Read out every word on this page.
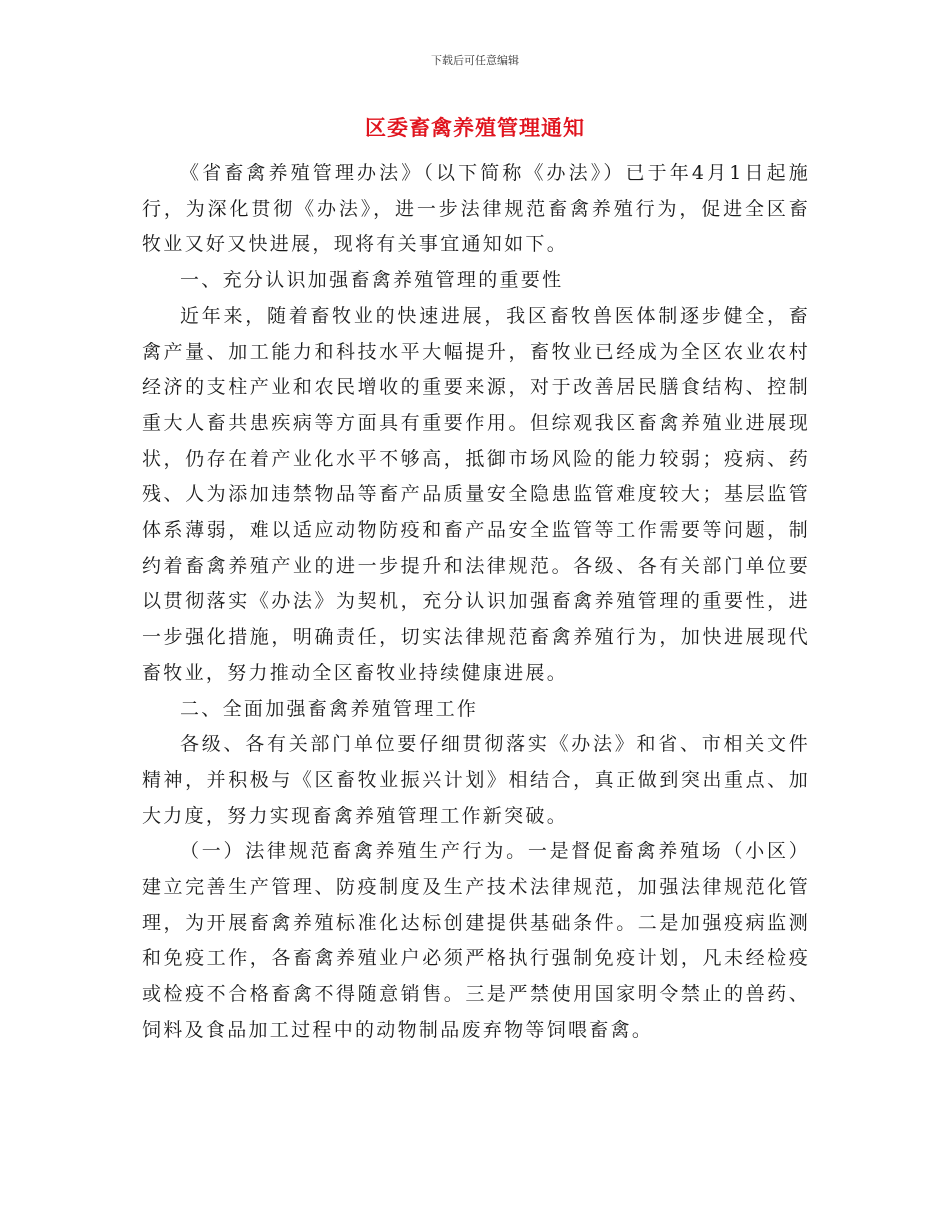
下载后可任意编辑
区委畜禽养殖管理通知

《省畜禽养殖管理办法》（以下简称《办法》）已于年4月1日起施行，为深化贯彻《办法》，进一步法律规范畜禽养殖行为，促进全区畜牧业又好又快进展，现将有关事宜通知如下。

一、充分认识加强畜禽养殖管理的重要性

近年来，随着畜牧业的快速进展，我区畜牧兽医体制逐步健全，畜禽产量、加工能力和科技水平大幅提升，畜牧业已经成为全区农业农村经济的支柱产业和农民增收的重要来源，对于改善居民膳食结构、控制重大人畜共患疾病等方面具有重要作用。但综观我区畜禽养殖业进展现状，仍存在着产业化水平不够高，抵御市场风险的能力较弱；疫病、药残、人为添加违禁物品等畜产品质量安全隐患监管难度较大；基层监管体系薄弱，难以适应动物防疫和畜产品安全监管等工作需要等问题，制约着畜禽养殖产业的进一步提升和法律规范。各级、各有关部门单位要以贯彻落实《办法》为契机，充分认识加强畜禽养殖管理的重要性，进一步强化措施，明确责任，切实法律规范畜禽养殖行为，加快进展现代畜牧业，努力推动全区畜牧业持续健康进展。

二、全面加强畜禽养殖管理工作

各级、各有关部门单位要仔细贯彻落实《办法》和省、市相关文件精神，并积极与《区畜牧业振兴计划》相结合，真正做到突出重点、加大力度，努力实现畜禽养殖管理工作新突破。

（一）法律规范畜禽养殖生产行为。一是督促畜禽养殖场（小区）建立完善生产管理、防疫制度及生产技术法律规范，加强法律规范化管理，为开展畜禽养殖标准化达标创建提供基础条件。二是加强疫病监测和免疫工作，各畜禽养殖业户必须严格执行强制免疫计划，凡未经检疫或检疫不合格畜禽不得随意销售。三是严禁使用国家明令禁止的兽药、饲料及食品加工过程中的动物制品废弃物等饲喂畜禽。
